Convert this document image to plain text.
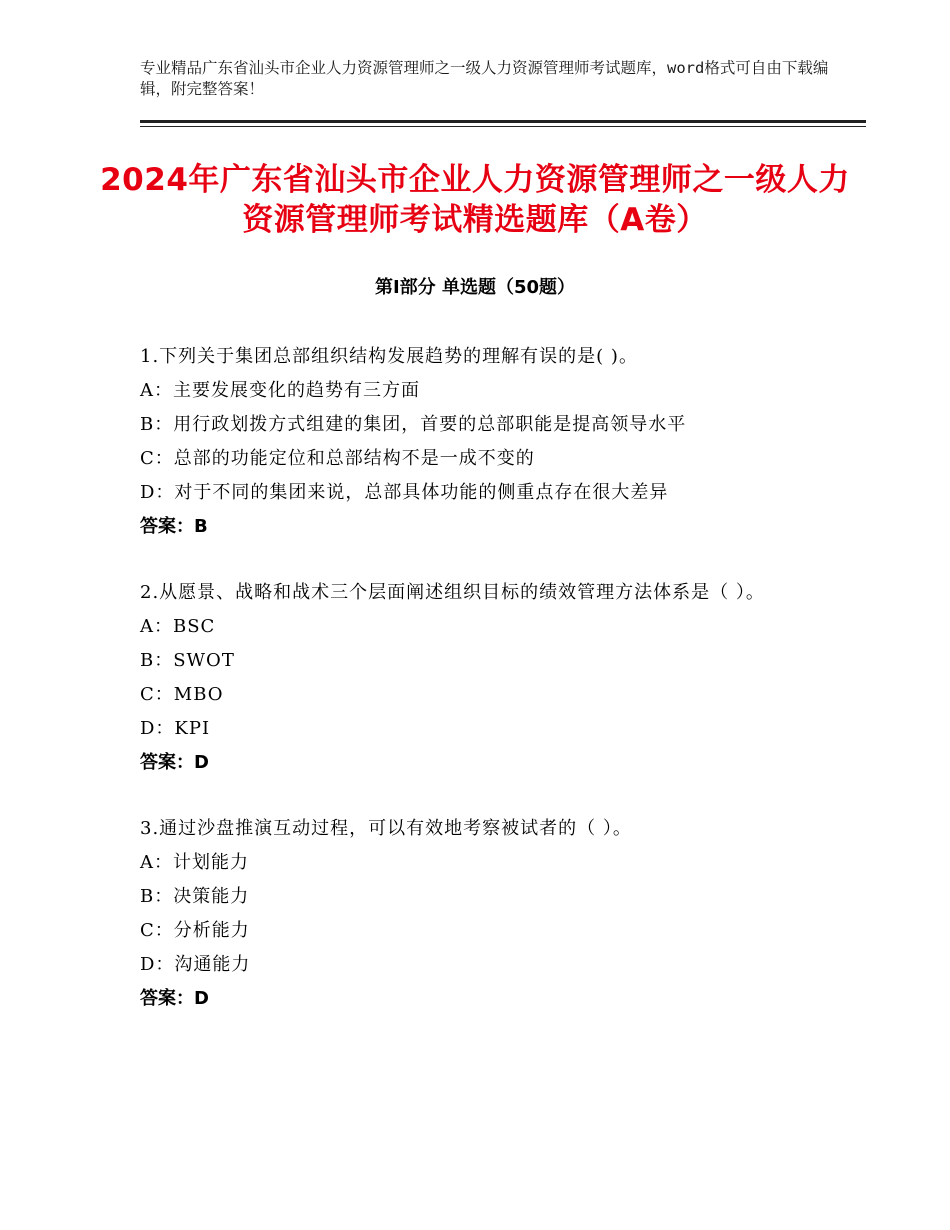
专业精品广东省汕头市企业人力资源管理师之一级人力资源管理师考试题库，word格式可自由下载编辑，附完整答案！
2024年广东省汕头市企业人力资源管理师之一级人力资源管理师考试精选题库（A卷）
第Ⅰ部分 单选题（50题）
1.下列关于集团总部组织结构发展趋势的理解有误的是( )。
A：主要发展变化的趋势有三方面
B：用行政划拨方式组建的集团，首要的总部职能是提高领导水平
C：总部的功能定位和总部结构不是一成不变的
D：对于不同的集团来说，总部具体功能的侧重点存在很大差异
答案：B
2.从愿景、战略和战术三个层面阐述组织目标的绩效管理方法体系是（ ）。
A：BSC
B：SWOT
C：MBO
D：KPI
答案：D
3.通过沙盘推演互动过程，可以有效地考察被试者的（ ）。
A：计划能力
B：决策能力
C：分析能力
D：沟通能力
答案：D
